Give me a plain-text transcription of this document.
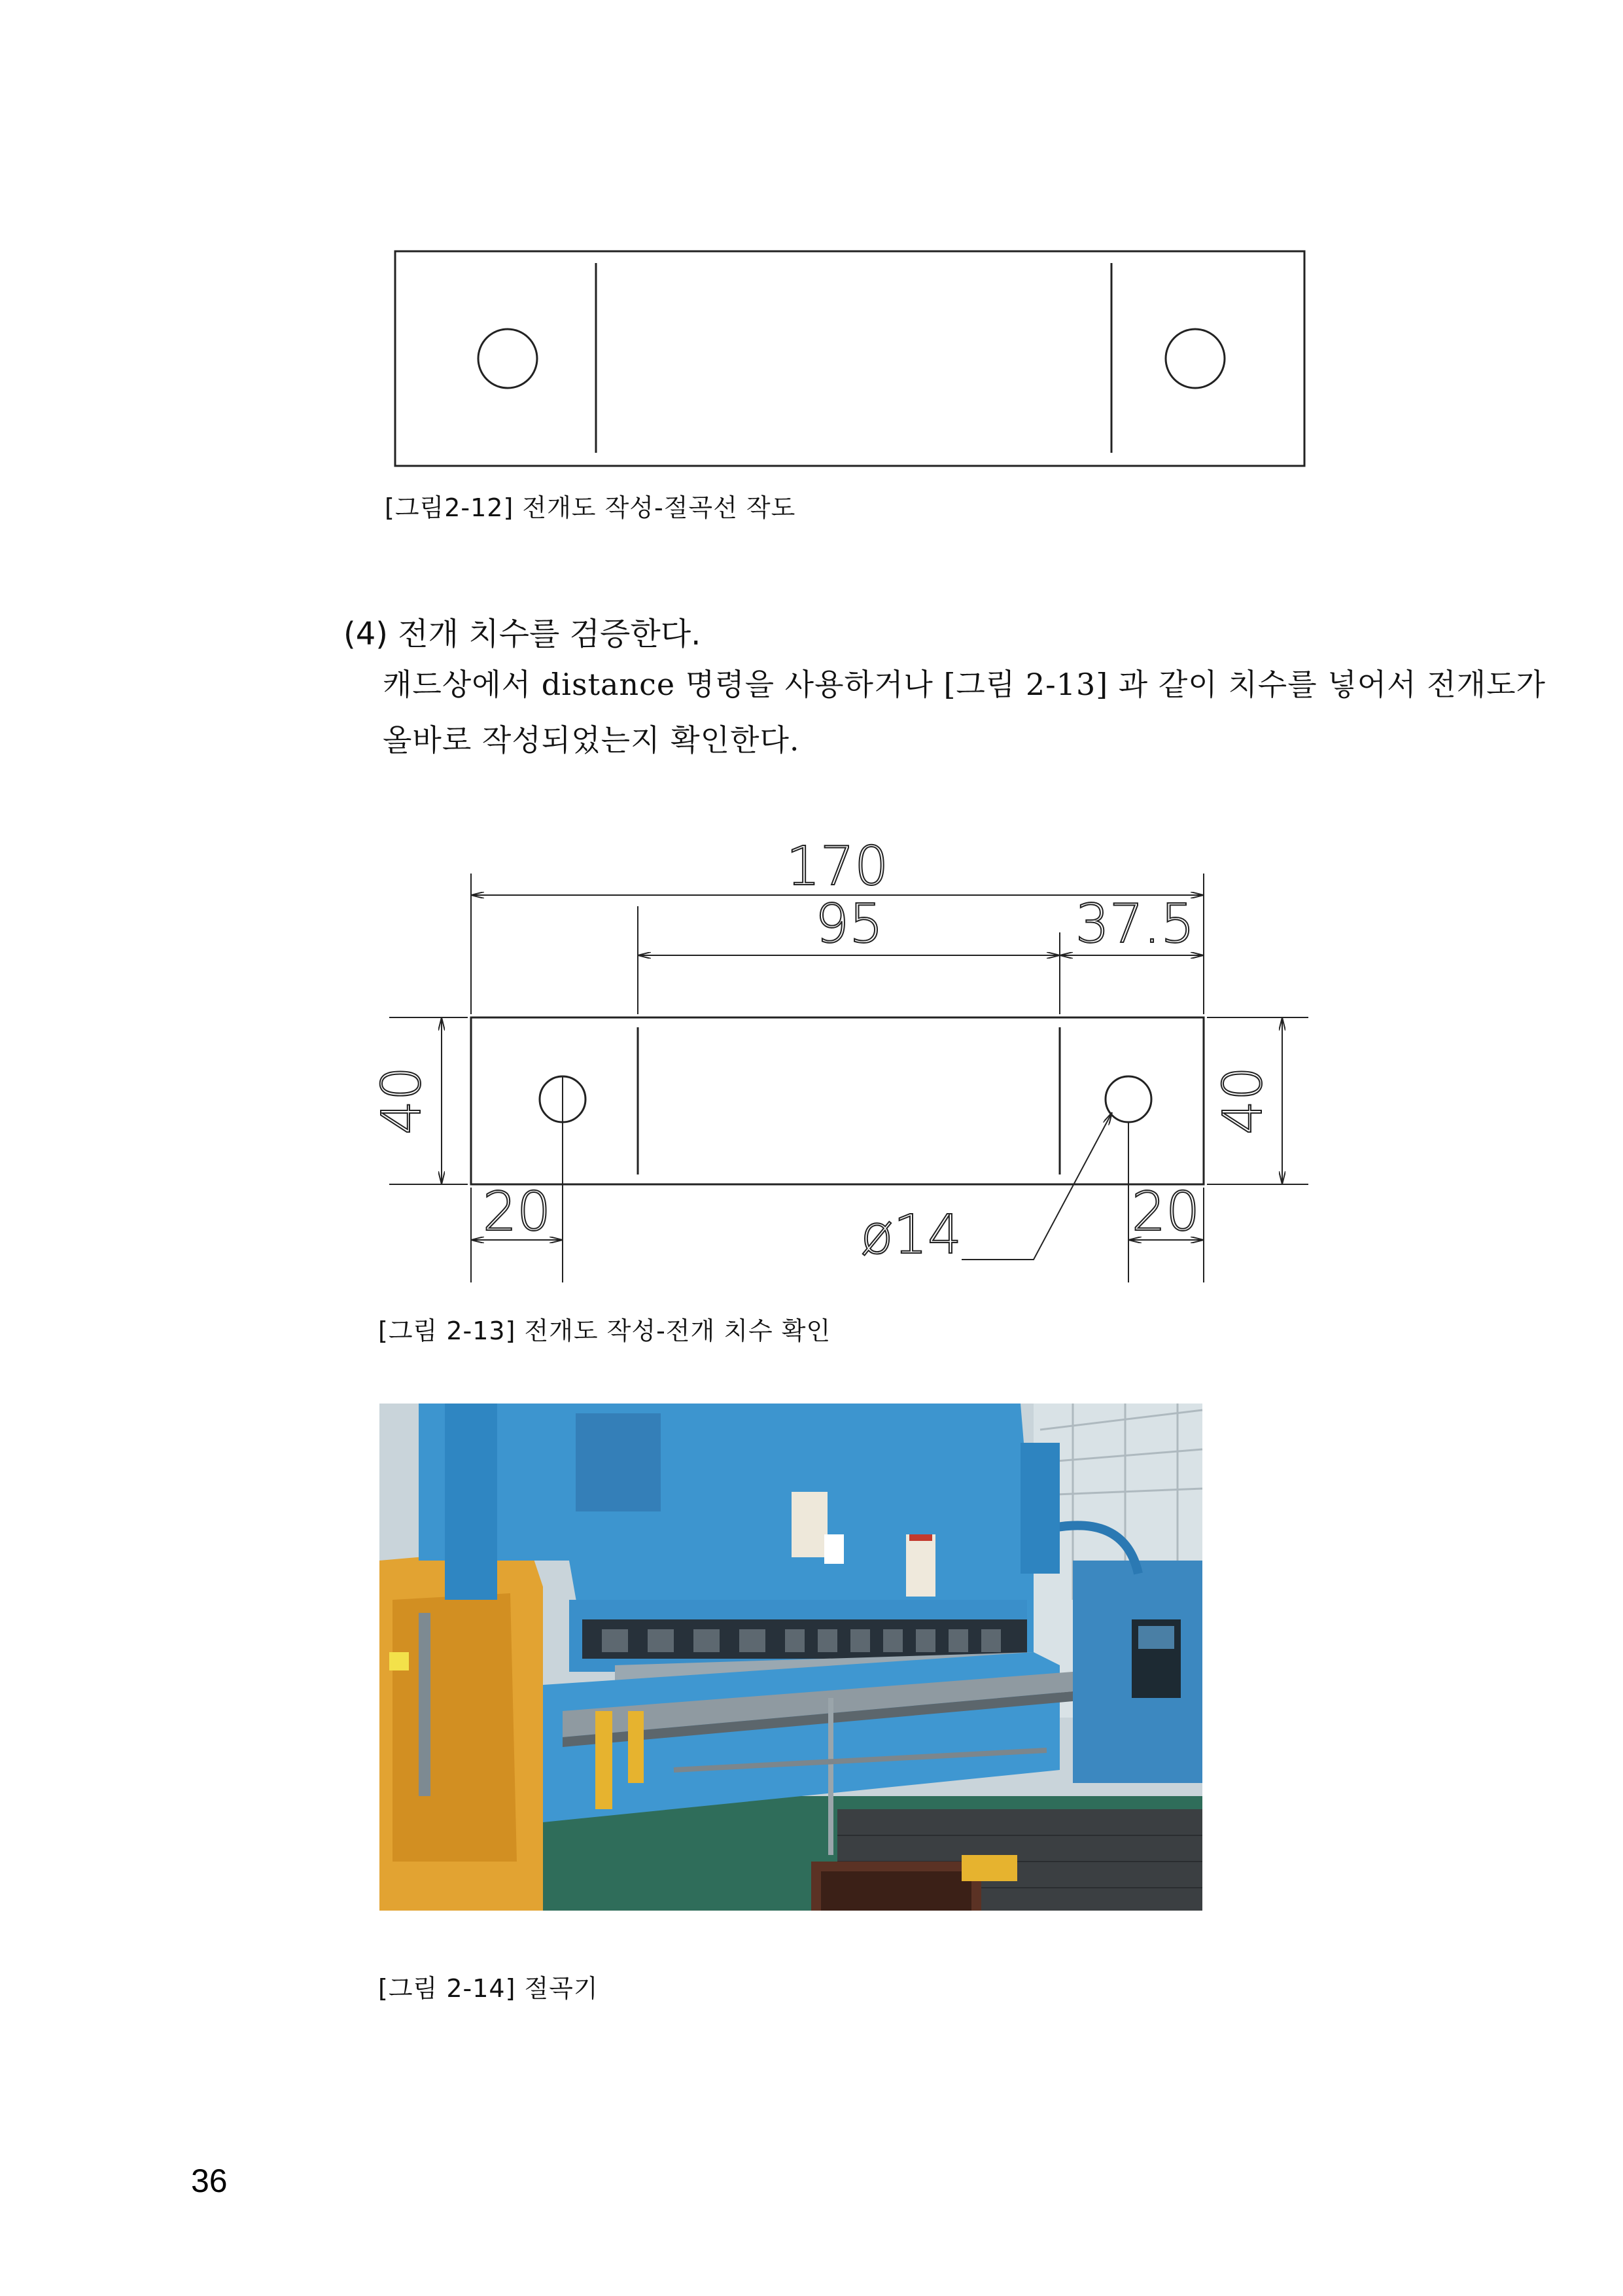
[그림2-12] 전개도 작성-절곡선 작도
(4) 전개 치수를 검증한다.
캐드상에서 distance 명령을 사용하거나 [그림 2-13] 과 같이 치수를 넣어서 전개도가
올바로 작성되었는지 확인한다.
170
95	37.5
20	20
ø14
40	40
[그림 2-13] 전개도 작성-전개 치수 확인
[그림 2-14] 절곡기
36
